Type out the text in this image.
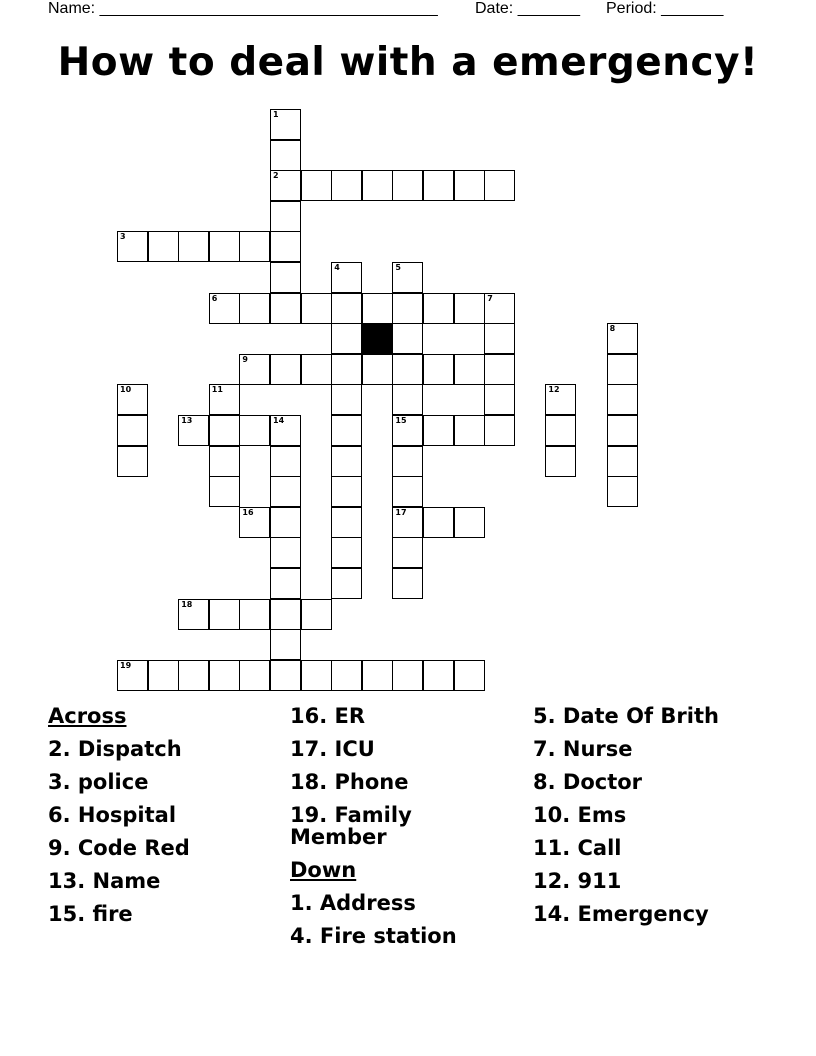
Name: ______________________________________ Date: _______ Period: _______
How to deal with a emergency!
1
2
3
4	5
6	7
8
9
10	11	12
13	14	15
16	17
18
19
Across
2. Dispatch
3. police
6. Hospital
9. Code Red
13. Name
15. fire
16. ER
17. ICU
18. Phone
19. Family Member
Down
1. Address
4. Fire station
5. Date Of Brith
7. Nurse
8. Doctor
10. Ems
11. Call
12. 911
14. Emergency
